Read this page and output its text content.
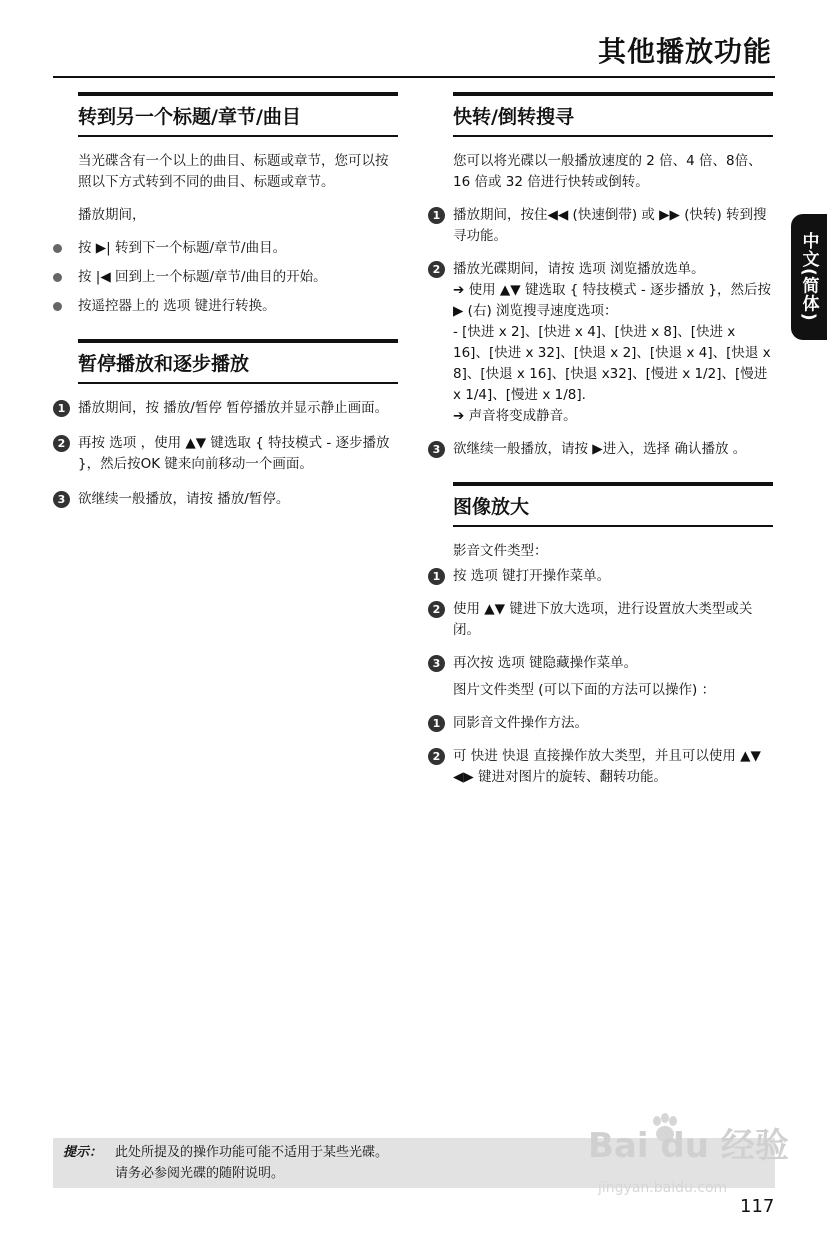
其他播放功能
中文(简体)
转到另一个标题/章节/曲目

当光碟含有一个以上的曲目、标题或章节，您可以按照以下方式转到不同的曲目、标题或章节。

播放期间，

按 ▶| 转到下一个标题/章节/曲目。
按 |◀ 回到上一个标题/章节/曲目的开始。
按遥控器上的 选项 键进行转换。
暂停播放和逐步播放
1 播放期间，按 播放/暂停 暂停播放并显示静止画面。
2 再按 选项 ，使用 ▲▼ 键选取 { 特技模式 - 逐步播放 }，然后按OK 键来向前移动一个画面。
3 欲继续一般播放，请按 播放/暂停。
快转/倒转搜寻

您可以将光碟以一般播放速度的 2 倍、4 倍、8倍、16 倍或 32 倍进行快转或倒转。

1 播放期间，按住◀◀ (快速倒带) 或 ▶▶ (快转) 转到搜寻功能。
2 播放光碟期间，请按 选项 浏览播放选单。
➔ 使用 ▲▼ 键选取 { 特技模式 - 逐步播放 }，然后按 ▶ (右) 浏览搜寻速度选项：
- [快进 x 2]、[快进 x 4]、[快进 x 8]、[快进 x 16]、[快进 x 32]、[快退 x 2]、[快退 x 4]、[快退 x 8]、[快退 x 16]、[快退 x32]、[慢进 x 1/2]、[慢进 x 1/4]、[慢进 x 1/8].
➔ 声音将变成静音。
3 欲继续一般播放，请按 ▶进入，选择 确认播放 。
图像放大

影音文件类型：

1 按 选项 键打开操作菜单。
2 使用 ▲▼ 键进下放大选项，进行设置放大类型或关闭。
3 再次按 选项 键隐藏操作菜单。

图片文件类型 (可以下面的方法可以操作) ：

1 同影音文件操作方法。
2 可 快进 快退 直接操作放大类型，并且可以使用 ▲▼ ◀▶ 键进对图片的旋转、翻转功能。
提示： 此处所提及的操作功能可能不适用于某些光碟。
请务必参阅光碟的随附说明。
Bai du 经验
jingyan.baidu.com
117
